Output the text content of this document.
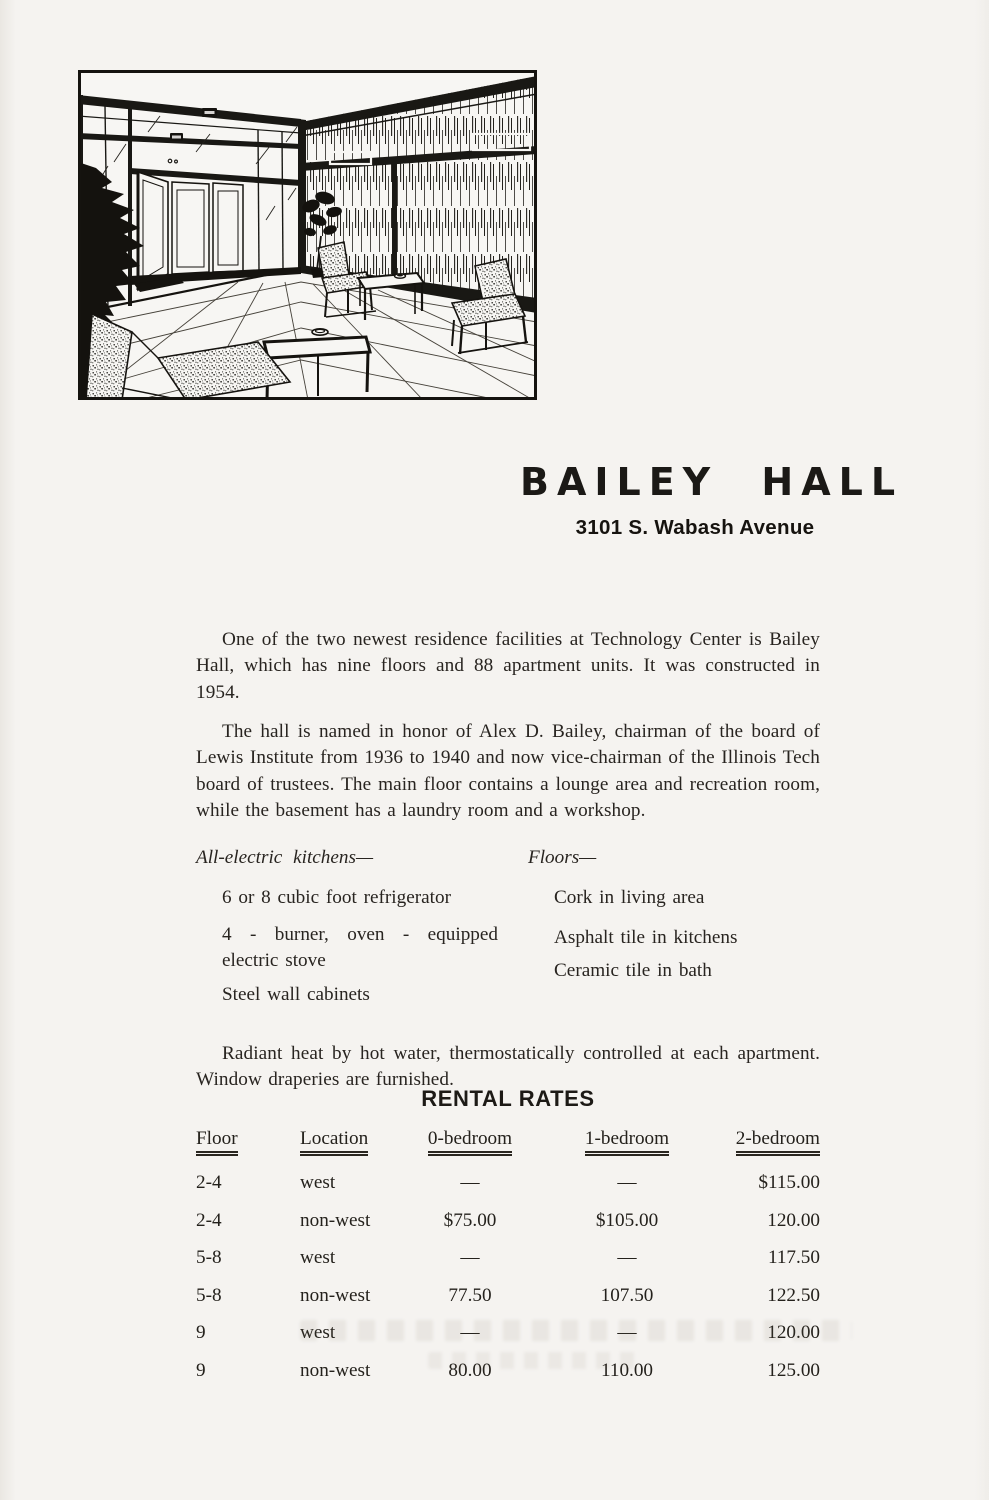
BAILEY HALL
3101 S. Wabash Avenue

One of the two newest residence facilities at Technology Center is Bailey Hall, which has nine floors and 88 apartment units. It was constructed in 1954.

The hall is named in honor of Alex D. Bailey, chairman of the board of Lewis Institute from 1936 to 1940 and now vice-chairman of the Illinois Tech board of trustees. The main floor contains a lounge area and recreation room, while the basement has a laundry room and a workshop.

All-electric kitchens—
6 or 8 cubic foot refrigerator
4 - burner, oven - equipped electric stove
Steel wall cabinets
Floors—
Cork in living area
Asphalt tile in kitchens
Ceramic tile in bath

Radiant heat by hot water, thermostatically controlled at each apartment. Window draperies are furnished.

RENTAL RATES
Floor	Location	0-bedroom	1-bedroom	2-bedroom
2-4	west	—	—	$115.00
2-4	non-west	$75.00	$105.00	120.00
5-8	west	—	—	117.50
5-8	non-west	77.50	107.50	122.50
9	west	—	—	120.00
9	non-west	80.00	110.00	125.00
